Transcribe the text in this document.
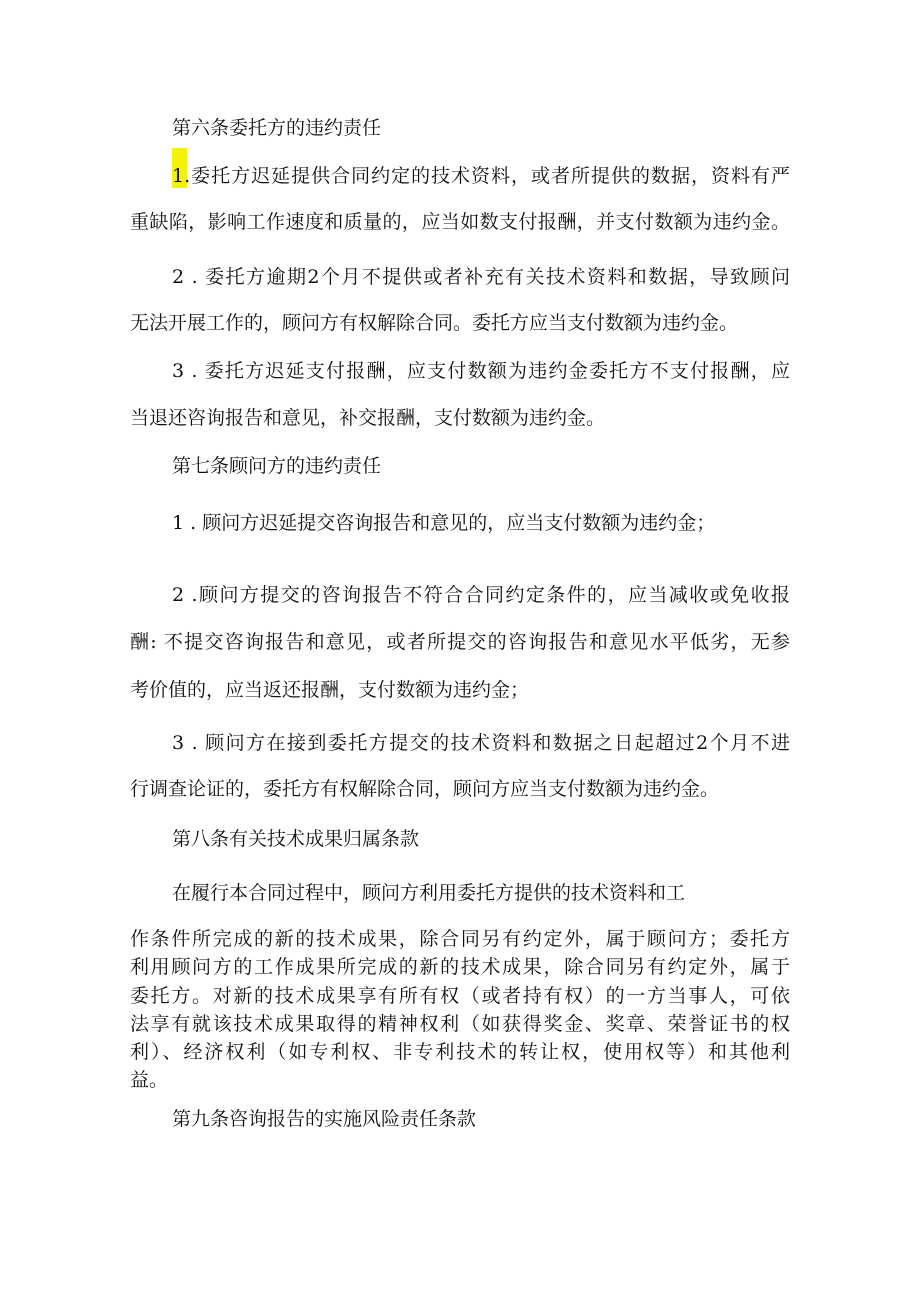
第六条委托方的违约责任
1.委托方迟延提供合同约定的技术资料，或者所提供的数据，资料有严
重缺陷，影响工作速度和质量的，应当如数支付报酬，并支付数额为违约金。
2 . 委托方逾期2个月不提供或者补充有关技术资料和数据，导致顾问
无法开展工作的，顾问方有权解除合同。委托方应当支付数额为违约金。
3 . 委托方迟延支付报酬，应支付数额为违约金委托方不支付报酬，应
当退还咨询报告和意见，补交报酬，支付数额为违约金。
第七条顾问方的违约责任
1 . 顾问方迟延提交咨询报告和意见的，应当支付数额为违约金；
2 .顾问方提交的咨询报告不符合合同约定条件的，应当减收或免收报
酬: 不提交咨询报告和意见，或者所提交的咨询报告和意见水平低劣，无参
考价值的，应当返还报酬，支付数额为违约金；
3 . 顾问方在接到委托方提交的技术资料和数据之日起超过2个月不进
行调查论证的，委托方有权解除合同，顾问方应当支付数额为违约金。
第八条有关技术成果归属条款
在履行本合同过程中，顾问方利用委托方提供的技术资料和工
作条件所完成的新的技术成果，除合同另有约定外，属于顾问方；委托方
利用顾问方的工作成果所完成的新的技术成果，除合同另有约定外，属于
委托方。对新的技术成果享有所有权（或者持有权）的一方当事人，可依
法享有就该技术成果取得的精神权利（如获得奖金、奖章、荣誉证书的权
利）、经济权利（如专利权、非专利技术的转让权，使用权等）和其他利
益。
第九条咨询报告的实施风险责任条款
